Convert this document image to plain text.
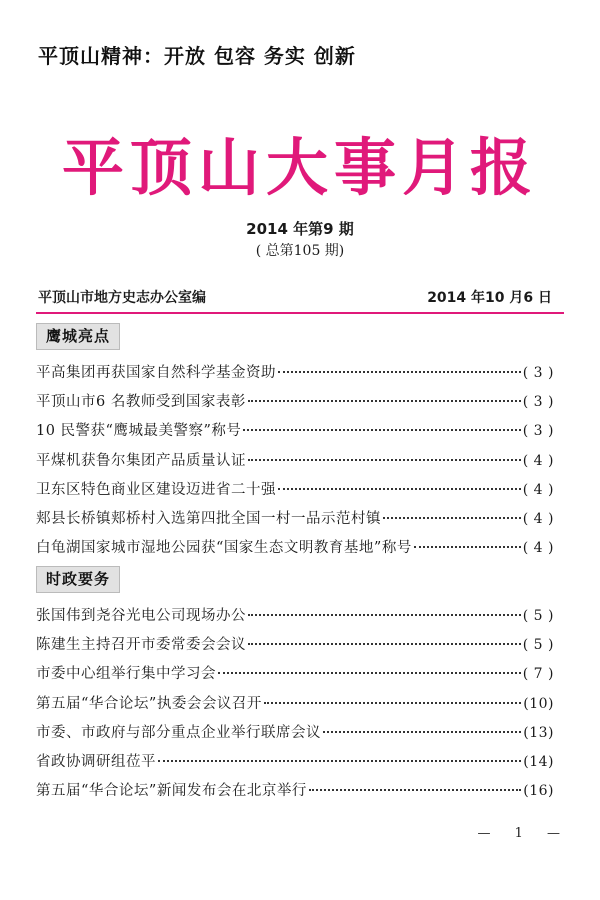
平顶山精神：开放 包容 务实 创新
平顶山大事月报
2014 年第9 期
( 总第105 期)
平顶山市地方史志办公室编	2014 年10 月6 日
鹰城亮点
平高集团再获国家自然科学基金资助	( 3 )
平顶山市6 名教师受到国家表彰	( 3 )
10 民警获“鹰城最美警察”称号	( 3 )
平煤机获鲁尔集团产品质量认证	( 4 )
卫东区特色商业区建设迈进省二十强	( 4 )
郏县长桥镇郏桥村入选第四批全国一村一品示范村镇	( 4 )
白龟湖国家城市湿地公园获“国家生态文明教育基地”称号	( 4 )
时政要务
张国伟到尧谷光电公司现场办公	( 5 )
陈建生主持召开市委常委会会议	( 5 )
市委中心组举行集中学习会	( 7 )
第五届“华合论坛”执委会会议召开	(10)
市委、市政府与部分重点企业举行联席会议	(13)
省政协调研组莅平	(14)
第五届“华合论坛”新闻发布会在北京举行	(16)
— 1 —
